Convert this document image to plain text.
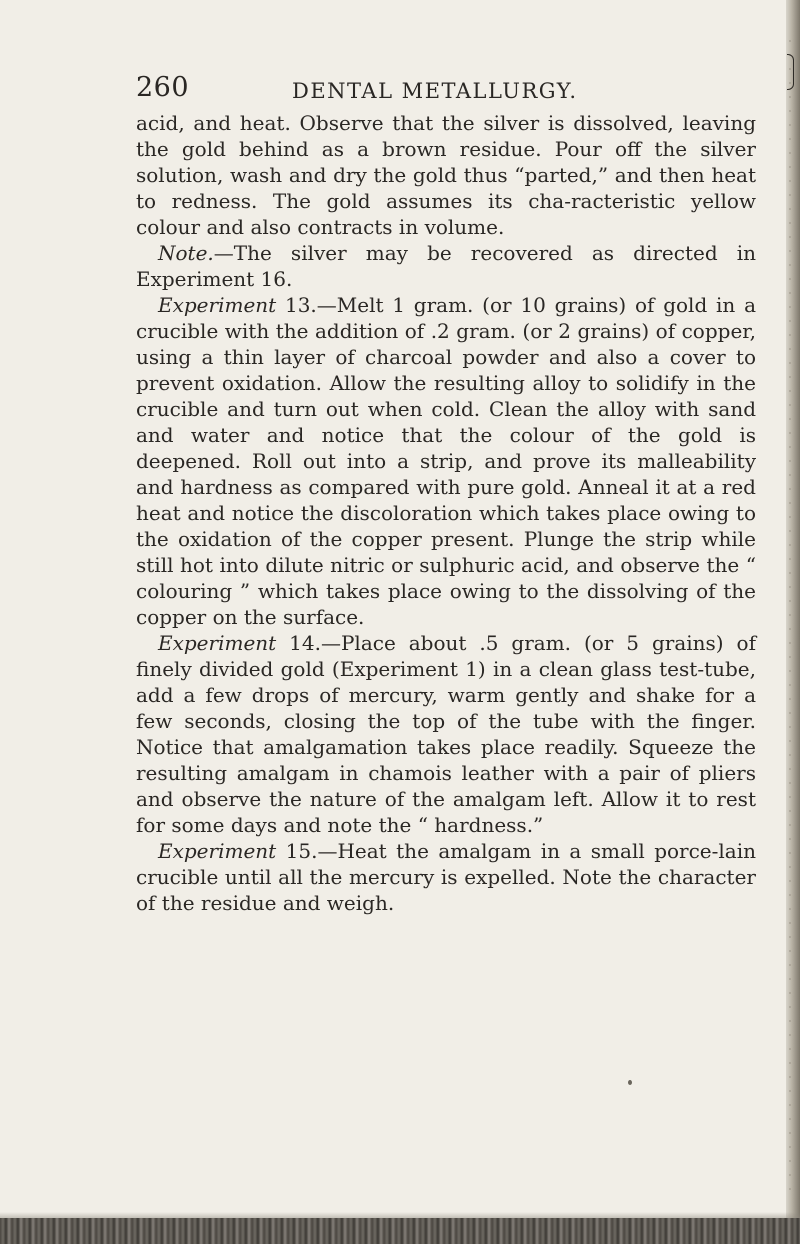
260	DENTAL METALLURGY.

acid, and heat. Observe that the silver is dissolved, leaving the gold behind as a brown residue. Pour off the silver solution, wash and dry the gold thus “parted,” and then heat to redness. The gold assumes its cha-racteristic yellow colour and also contracts in volume.

Note.—The silver may be recovered as directed in Experiment 16.

Experiment 13.—Melt 1 gram. (or 10 grains) of gold in a crucible with the addition of .2 gram. (or 2 grains) of copper, using a thin layer of charcoal powder and also a cover to prevent oxidation. Allow the resulting alloy to solidify in the crucible and turn out when cold. Clean the alloy with sand and water and notice that the colour of the gold is deepened. Roll out into a strip, and prove its malleability and hardness as compared with pure gold. Anneal it at a red heat and notice the discoloration which takes place owing to the oxidation of the copper present. Plunge the strip while still hot into dilute nitric or sulphuric acid, and observe the “ colouring ” which takes place owing to the dissolving of the copper on the surface.

Experiment 14.—Place about .5 gram. (or 5 grains) of finely divided gold (Experiment 1) in a clean glass test-tube, add a few drops of mercury, warm gently and shake for a few seconds, closing the top of the tube with the finger. Notice that amalgamation takes place readily. Squeeze the resulting amalgam in chamois leather with a pair of pliers and observe the nature of the amalgam left. Allow it to rest for some days and note the “ hardness.”

Experiment 15.—Heat the amalgam in a small porce-lain crucible until all the mercury is expelled. Note the character of the residue and weigh.
